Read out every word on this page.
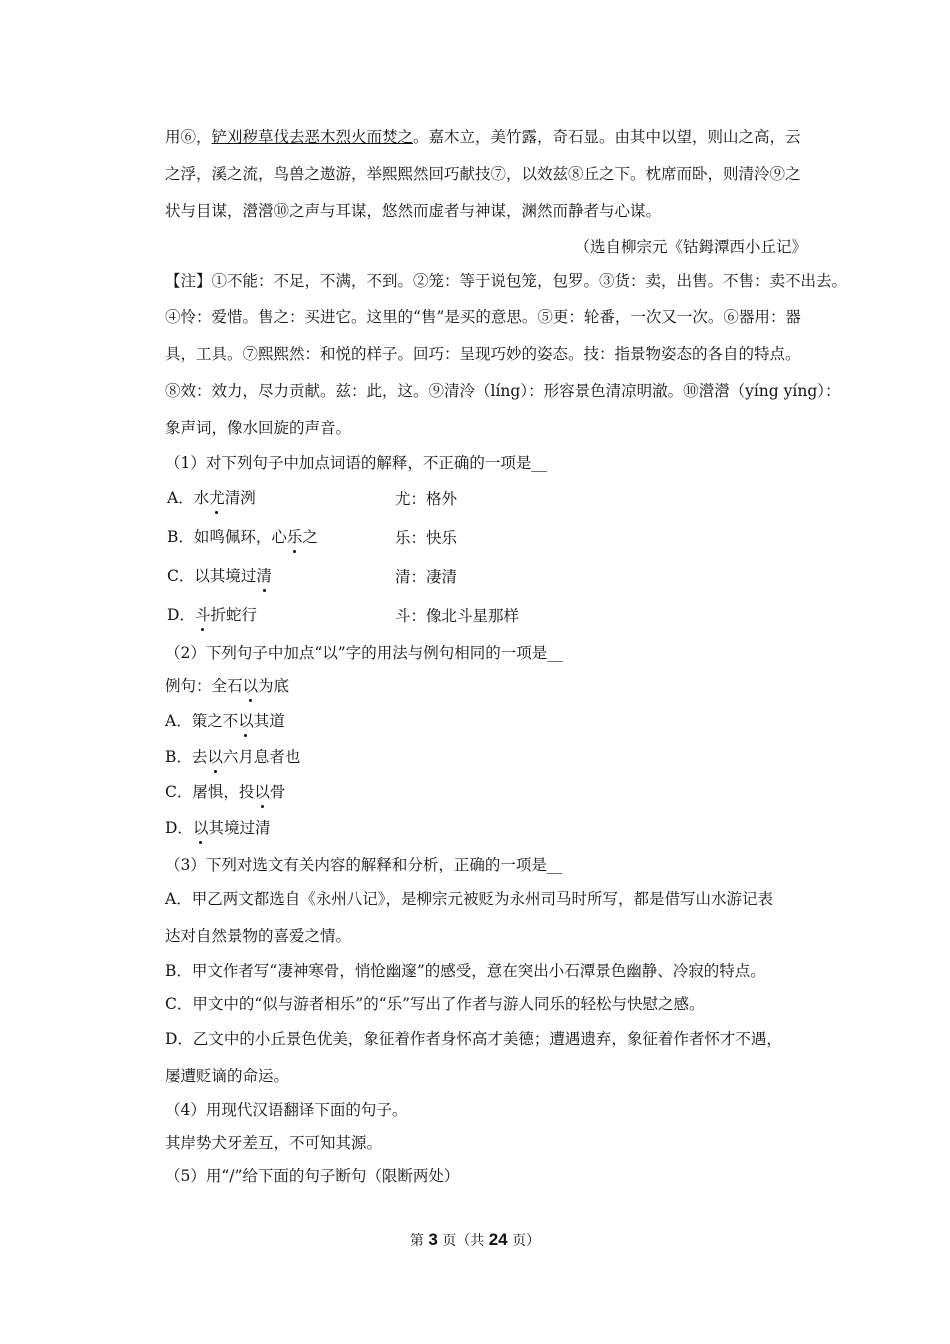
用⑥，铲刈秽草伐去恶木烈火而焚之。嘉木立，美竹露，奇石显。由其中以望，则山之高，云
之浮，溪之流，鸟兽之遨游，举熙熙然回巧献技⑦，以效兹⑧丘之下。枕席而卧，则清泠⑨之
状与目谋，瀯瀯⑩之声与耳谋，悠然而虚者与神谋，渊然而静者与心谋。
（选自柳宗元《钴鉧潭西小丘记》
【注】①不能：不足，不满，不到。②笼：等于说包笼，包罗。③货：卖，出售。不售：卖不出去。
④怜：爱惜。售之：买进它。这里的“售”是买的意思。⑤更：轮番，一次又一次。⑥器用：器
具，工具。⑦熙熙然：和悦的样子。回巧：呈现巧妙的姿态。技：指景物姿态的各自的特点。
⑧效：效力，尽力贡献。兹：此，这。⑨清泠（líng）：形容景色清凉明澈。⑩瀯瀯（yíng yíng）：
象声词，像水回旋的声音。
（1）对下列句子中加点词语的解释，不正确的一项是__
A．水尤清洌	尤：格外
B．如鸣佩环，心乐之	乐：快乐
C．以其境过清	清：凄清
D．斗折蛇行	斗：像北斗星那样
（2）下列句子中加点“以”字的用法与例句相同的一项是__
例句：全石以为底
A．策之不以其道
B．去以六月息者也
C．屠惧，投以骨
D．以其境过清
（3）下列对选文有关内容的解释和分析，正确的一项是__
A．甲乙两文都选自《永州八记》，是柳宗元被贬为永州司马时所写，都是借写山水游记表
达对自然景物的喜爱之情。
B．甲文作者写“凄神寒骨，悄怆幽邃”的感受，意在突出小石潭景色幽静、冷寂的特点。
C．甲文中的“似与游者相乐”的“乐”写出了作者与游人同乐的轻松与快慰之感。
D．乙文中的小丘景色优美，象征着作者身怀高才美德；遭遇遗弃，象征着作者怀才不遇，
屡遭贬谪的命运。
（4）用现代汉语翻译下面的句子。
其岸势犬牙差互，不可知其源。
（5）用“/”给下面的句子断句（限断两处）
第 3 页（共 24 页）
